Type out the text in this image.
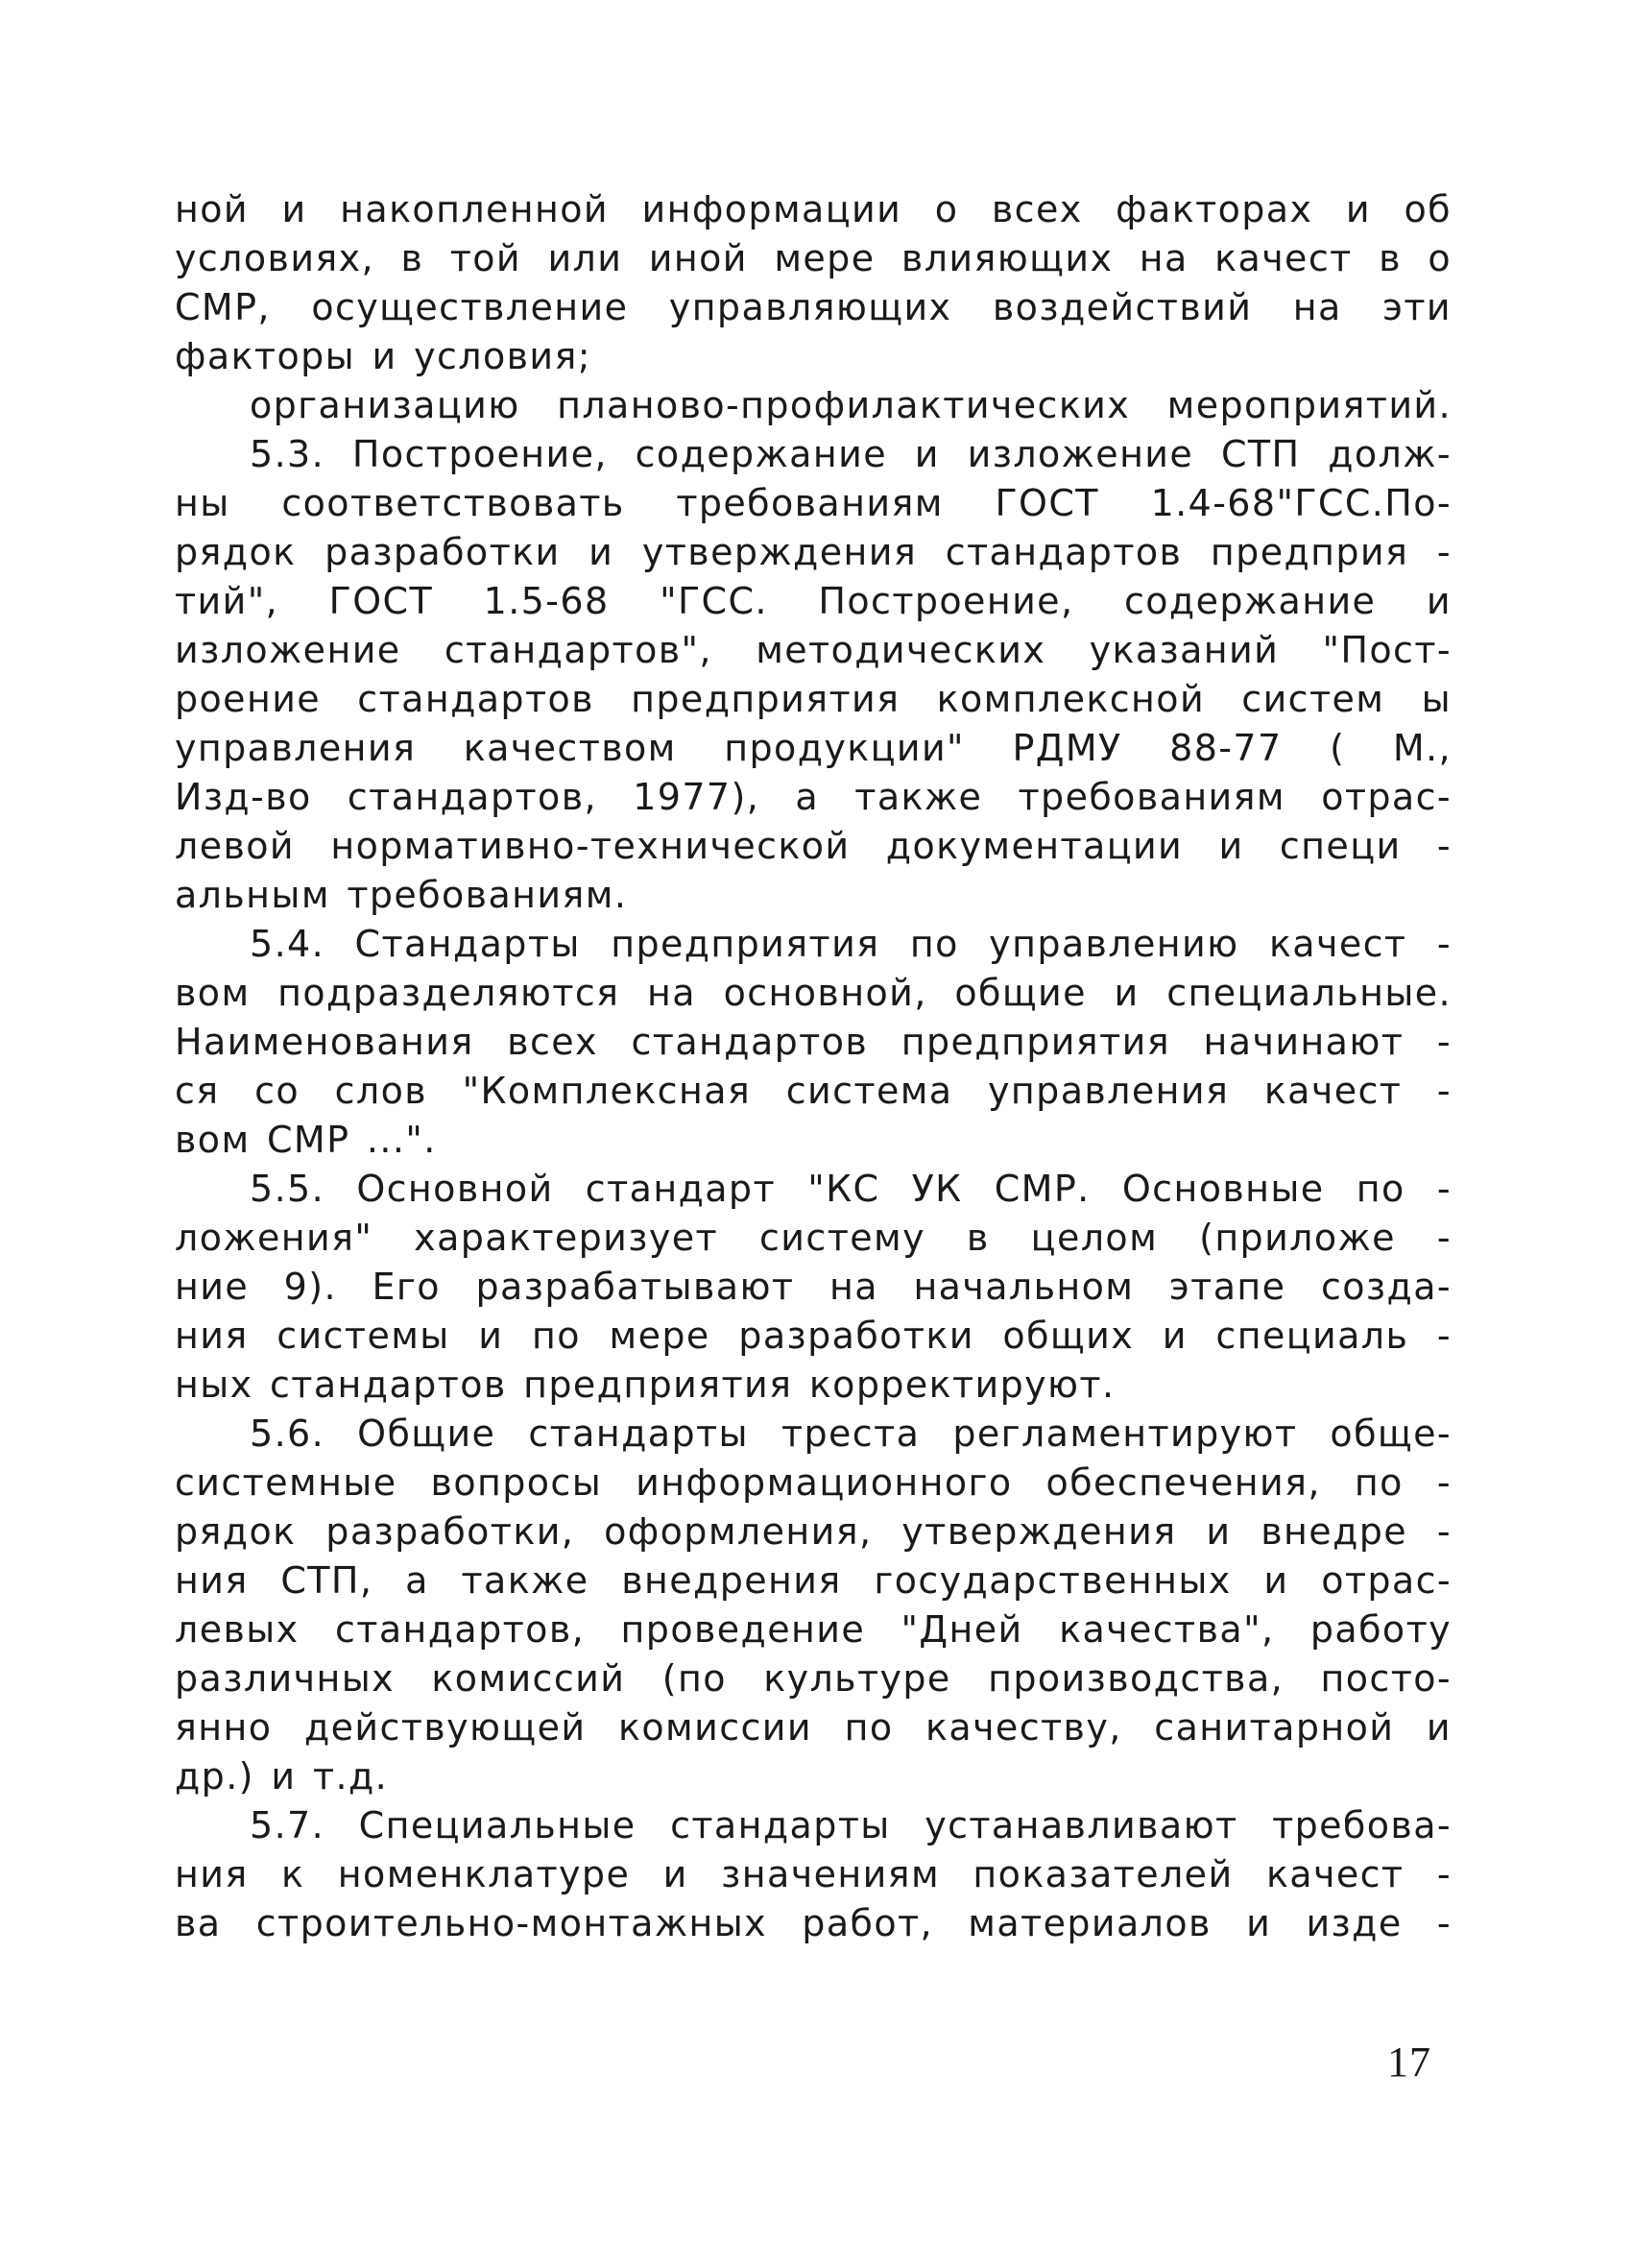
ной и накопленной информации о всех факторах и об
условиях, в той или иной мере влияющих на качест в о
СМР, осуществление управляющих воздействий на эти
факторы и условия;
организацию планово-профилактических мероприятий.
5.3. Построение, содержание и изложение СТП долж-
ны соответствовать требованиям ГОСТ 1.4-68"ГСС.По-
рядок разработки и утверждения стандартов предприя -
тий", ГОСТ 1.5-68 "ГСС. Построение, содержание и
изложение стандартов", методических указаний "Пост-
роение стандартов предприятия комплексной систем ы
управления качеством продукции" РДМУ 88-77 ( М.,
Изд-во стандартов, 1977), а также требованиям отрас-
левой нормативно-технической документации и специ -
альным требованиям.
5.4. Стандарты предприятия по управлению качест -
вом подразделяются на основной, общие и специальные.
Наименования всех стандартов предприятия начинают -
ся со слов "Комплексная система управления качест -
вом СМР ...".
5.5. Основной стандарт "КС УК СМР. Основные по -
ложения" характеризует систему в целом (приложе -
ние 9). Его разрабатывают на начальном этапе созда-
ния системы и по мере разработки общих и специаль -
ных стандартов предприятия корректируют.
5.6. Общие стандарты треста регламентируют обще-
системные вопросы информационного обеспечения, по -
рядок разработки, оформления, утверждения и внедре -
ния СТП, а также внедрения государственных и отрас-
левых стандартов, проведение "Дней качества", работу
различных комиссий (по культуре производства, посто-
янно действующей комиссии по качеству, санитарной и
др.) и т.д.
5.7. Специальные стандарты устанавливают требова-
ния к номенклатуре и значениям показателей качест -
ва строительно-монтажных работ, материалов и изде -
17
